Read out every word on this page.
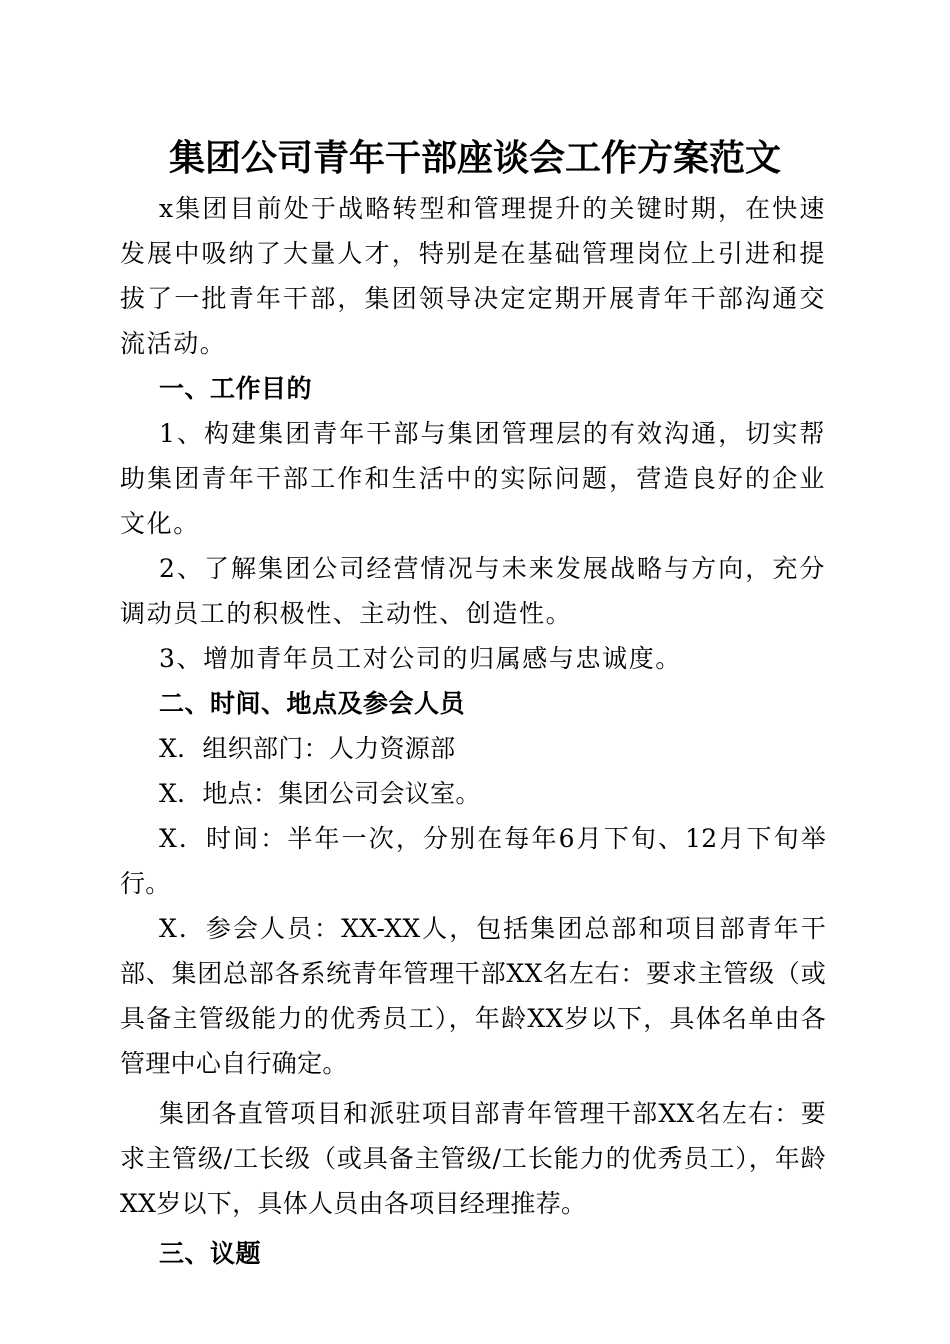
集团公司青年干部座谈会工作方案范文

x集团目前处于战略转型和管理提升的关键时期，在快速发展中吸纳了大量人才，特别是在基础管理岗位上引进和提拔了一批青年干部，集团领导决定定期开展青年干部沟通交流活动。

一、工作目的

1、构建集团青年干部与集团管理层的有效沟通，切实帮助集团青年干部工作和生活中的实际问题，营造良好的企业文化。

2、了解集团公司经营情况与未来发展战略与方向，充分调动员工的积极性、主动性、创造性。

3、增加青年员工对公司的归属感与忠诚度。

二、时间、地点及参会人员

X．组织部门：人力资源部

X．地点：集团公司会议室。

X．时间：半年一次，分别在每年6月下旬、12月下旬举行。

X．参会人员：XX-XX人，包括集团总部和项目部青年干部、集团总部各系统青年管理干部XX名左右：要求主管级（或具备主管级能力的优秀员工），年龄XX岁以下，具体名单由各管理中心自行确定。

集团各直管项目和派驻项目部青年管理干部XX名左右：要求主管级/工长级（或具备主管级/工长能力的优秀员工），年龄XX岁以下，具体人员由各项目经理推荐。

三、议题
